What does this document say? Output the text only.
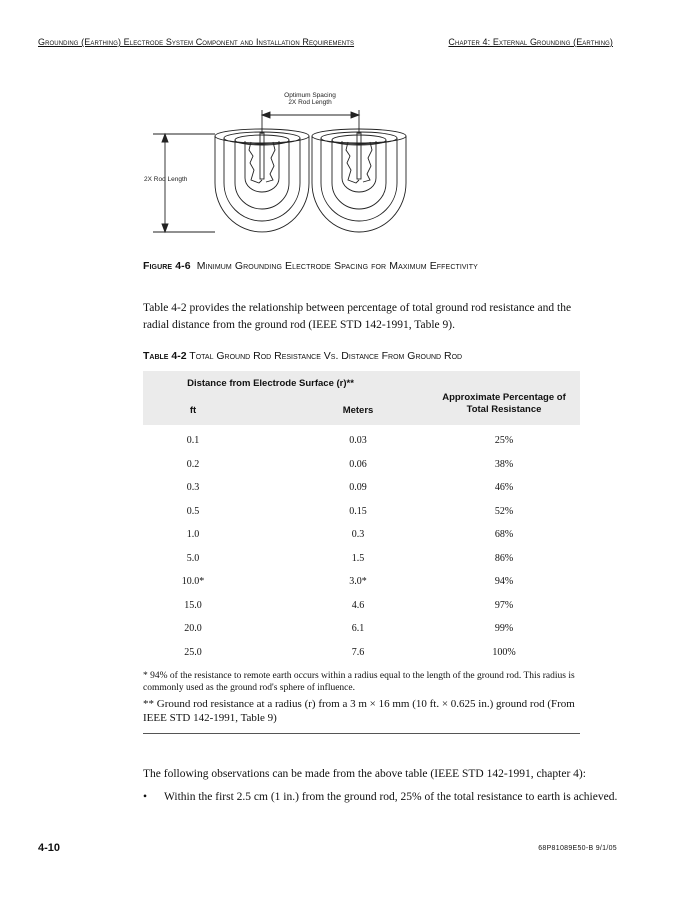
Grounding (Earthing) Electrode System Component and Installation Requirements	Chapter 4: External Grounding (Earthing)
Optimum Spacing
2X Rod Length
2X Rod Length
Figure 4-6 Minimum Grounding Electrode Spacing for Maximum Effectivity
Table 4-2 provides the relationship between percentage of total ground rod resistance and the radial distance from the ground rod (IEEE STD 142-1991, Table 9).
Table 4-2 Total Ground Rod Resistance Vs. Distance From Ground Rod
Distance from Electrode Surface (r)**
ft	Meters
Approximate Percentage of
Total Resistance
0.1	0.03	25%
0.2	0.06	38%
0.3	0.09	46%
0.5	0.15	52%
1.0	0.3	68%
5.0	1.5	86%
10.0*	3.0*	94%
15.0	4.6	97%
20.0	6.1	99%
25.0	7.6	100%
* 94% of the resistance to remote earth occurs within a radius equal to the length of the ground rod. This radius is commonly used as the ground rod's sphere of influence.
** Ground rod resistance at a radius (r) from a 3 m × 16 mm (10 ft. × 0.625 in.) ground rod (From IEEE STD 142-1991, Table 9)
The following observations can be made from the above table (IEEE STD 142-1991, chapter 4):
• Within the first 2.5 cm (1 in.) from the ground rod, 25% of the total resistance to earth is achieved.
4-10	68P81089E50-B 9/1/05
